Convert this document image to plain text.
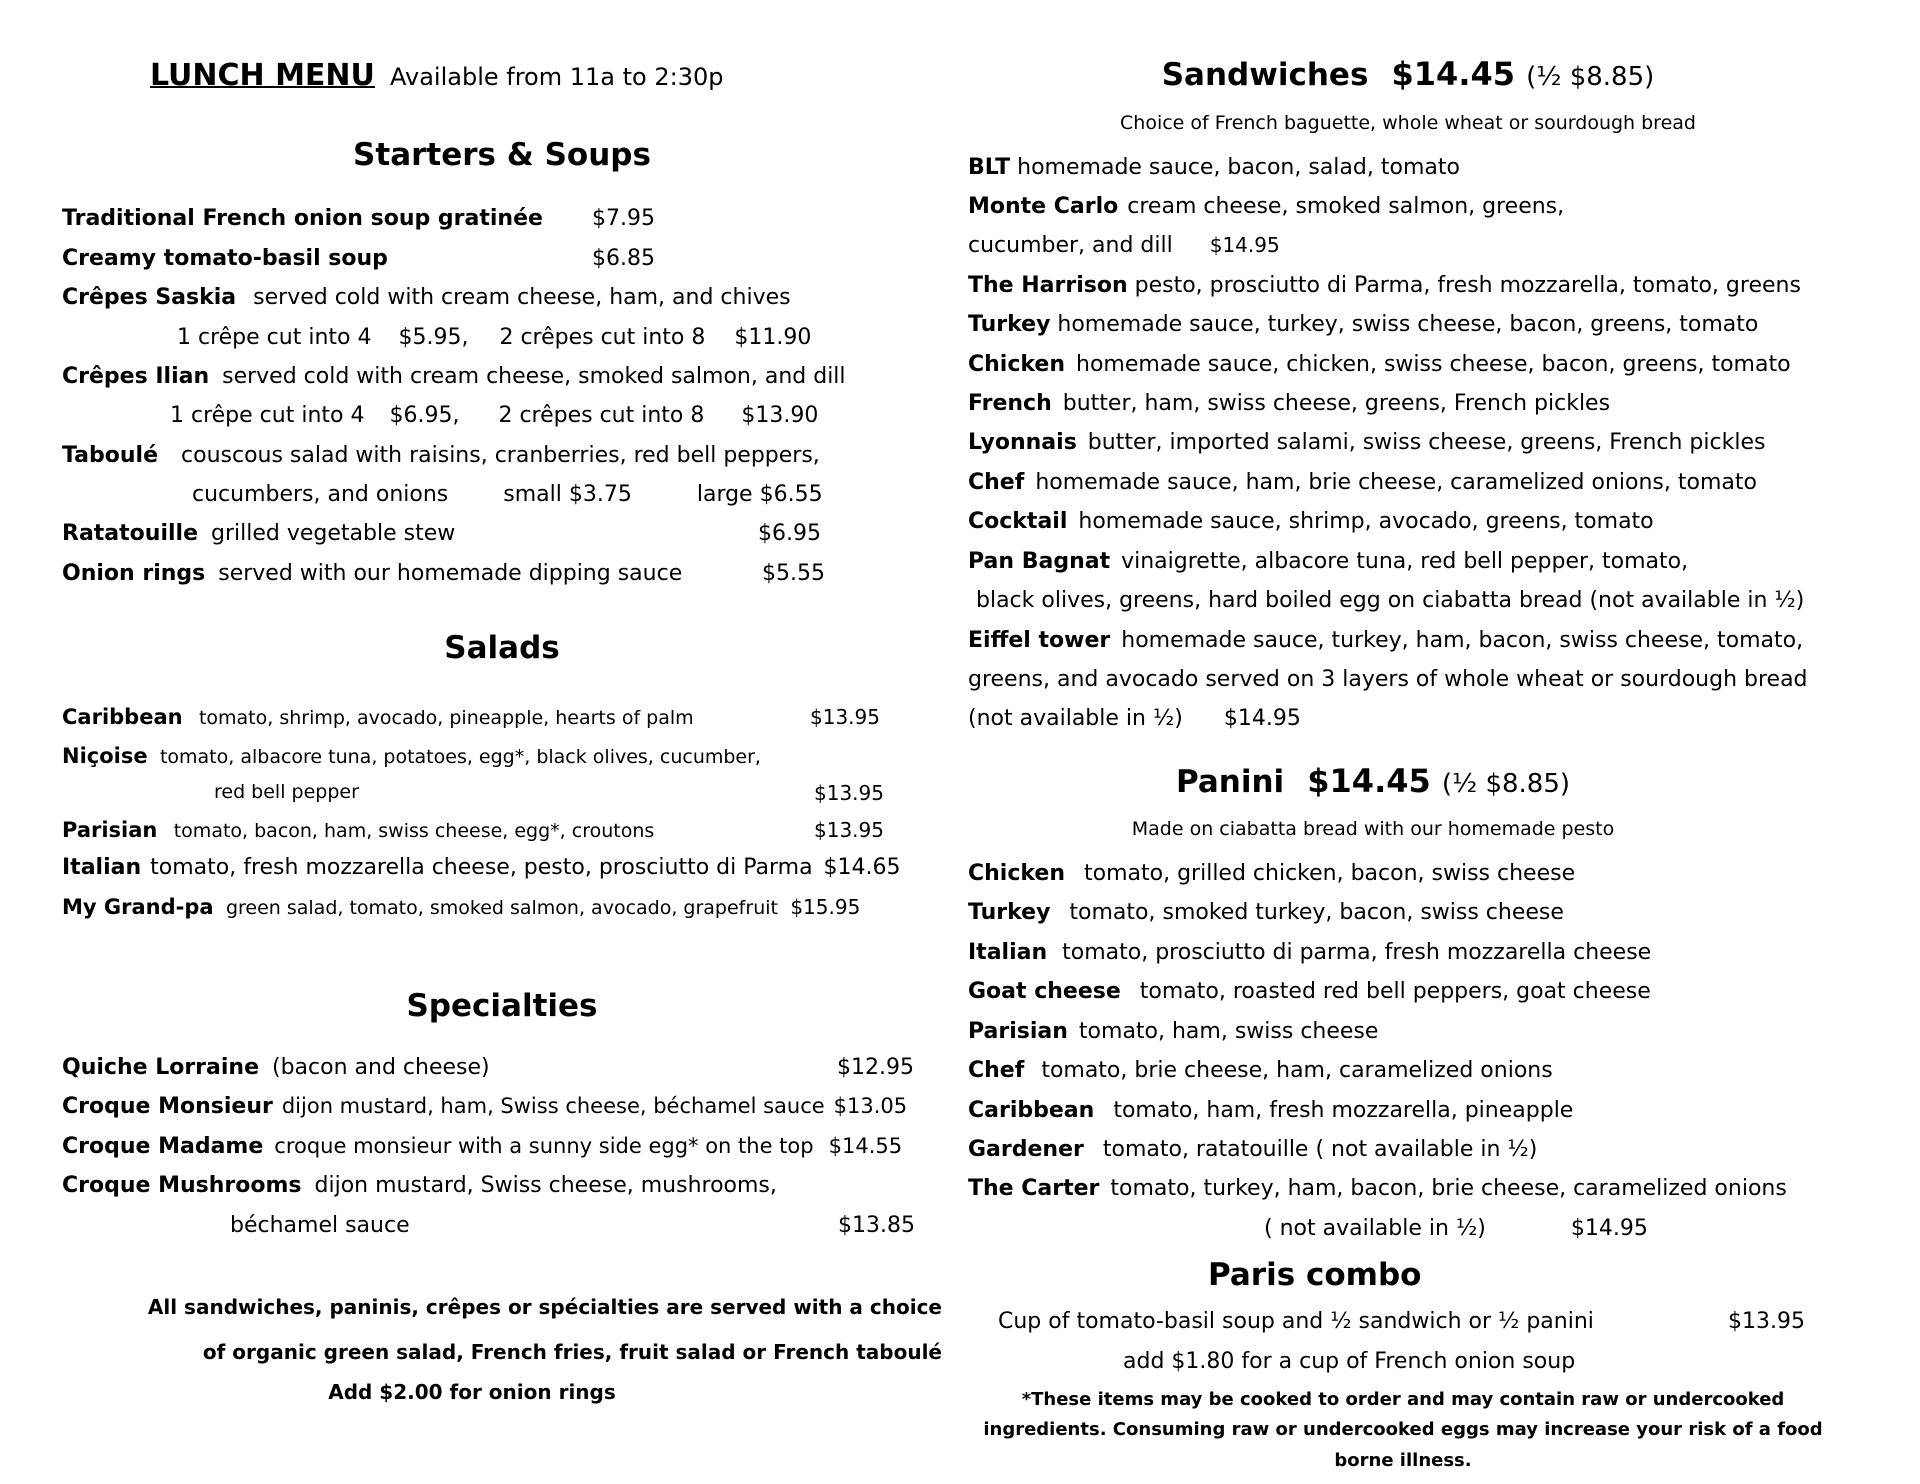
LUNCH MENU Available from 11a to 2:30p
Starters & Soups
Traditional French onion soup gratinée $7.95
Creamy tomato-basil soup	$6.85
Crêpes Saskia served cold with cream cheese, ham, and chives
1 crêpe cut into 4 $5.95, 2 crêpes cut into 8 $11.90
Crêpes Ilian served cold with cream cheese, smoked salmon, and dill
1 crêpe cut into 4 $6.95, 2 crêpes cut into 8 $13.90
Taboulé couscous salad with raisins, cranberries, red bell peppers,
cucumbers, and onions	small $3.75	large $6.55
Ratatouille grilled vegetable stew	$6.95
Onion rings served with our homemade dipping sauce	$5.55
Salads
Caribbean tomato, shrimp, avocado, pineapple, hearts of palm	$13.95
Niçoise tomato, albacore tuna, potatoes, egg*, black olives, cucumber,
red bell pepper	$13.95
Parisian tomato, bacon, ham, swiss cheese, egg*, croutons	$13.95
Italian tomato, fresh mozzarella cheese, pesto, prosciutto di Parma $14.65
My Grand-pa green salad, tomato, smoked salmon, avocado, grapefruit $15.95
Specialties
Quiche Lorraine (bacon and cheese)	$12.95
Croque Monsieur dijon mustard, ham, Swiss cheese, béchamel sauce $13.05
Croque Madame croque monsieur with a sunny side egg* on the top $14.55
Croque Mushrooms dijon mustard, Swiss cheese, mushrooms,
béchamel sauce	$13.85
All sandwiches, paninis, crêpes or spécialties are served with a choice
of organic green salad, French fries, fruit salad or French taboulé
Add $2.00 for onion rings
Sandwiches $14.45 (½ $8.85)
Choice of French baguette, whole wheat or sourdough bread
BLT homemade sauce, bacon, salad, tomato
Monte Carlo cream cheese, smoked salmon, greens,
cucumber, and dill $14.95
The Harrison pesto, prosciutto di Parma, fresh mozzarella, tomato, greens
Turkey homemade sauce, turkey, swiss cheese, bacon, greens, tomato
Chicken homemade sauce, chicken, swiss cheese, bacon, greens, tomato
French butter, ham, swiss cheese, greens, French pickles
Lyonnais butter, imported salami, swiss cheese, greens, French pickles
Chef homemade sauce, ham, brie cheese, caramelized onions, tomato
Cocktail homemade sauce, shrimp, avocado, greens, tomato
Pan Bagnat vinaigrette, albacore tuna, red bell pepper, tomato,
black olives, greens, hard boiled egg on ciabatta bread (not available in ½)
Eiffel tower homemade sauce, turkey, ham, bacon, swiss cheese, tomato,
greens, and avocado served on 3 layers of whole wheat or sourdough bread
(not available in ½) $14.95
Panini $14.45 (½ $8.85)
Made on ciabatta bread with our homemade pesto
Chicken tomato, grilled chicken, bacon, swiss cheese
Turkey tomato, smoked turkey, bacon, swiss cheese
Italian tomato, prosciutto di parma, fresh mozzarella cheese
Goat cheese tomato, roasted red bell peppers, goat cheese
Parisian tomato, ham, swiss cheese
Chef tomato, brie cheese, ham, caramelized onions
Caribbean tomato, ham, fresh mozzarella, pineapple
Gardener tomato, ratatouille ( not available in ½)
The Carter tomato, turkey, ham, bacon, brie cheese, caramelized onions
( not available in ½)	$14.95
Paris combo
Cup of tomato-basil soup and ½ sandwich or ½ panini	$13.95
add $1.80 for a cup of French onion soup
*These items may be cooked to order and may contain raw or undercooked
ingredients. Consuming raw or undercooked eggs may increase your risk of a food
borne illness.
